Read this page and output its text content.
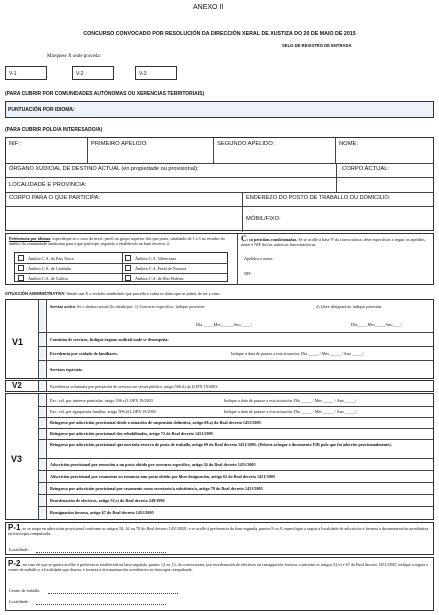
ANEXO II
CONCURSO CONVOCADO POR RESOLUCIÓN DA DIRECCIÓN XERAL DE XUSTIZA DO 20 DE MAIO DE 2015
SELO DE REXISTRO DE ENTRADA
Márquese X onde proceda:
V-1	V-2	V-3
(PARA CUBRIR POR COMUNIDADES AUTÓNOMAS OU XERENCIAS TERRITORIAIS)
PUNTUACIÓN POR IDIOMA:
(PARA CUBRIR POLO/A INTERESADO/A)
NIF:	PRIMEIRO APELIDO:	SEGUNDO APELIDO:	NOME:
ÓRGANO XUDICIAL DE DESTINO ACTUAL (en propiedade ou provisional):	CORPO ACTUAL:
LOCALIDADE E PROVINCIA:
CORPO PARA O QUE PARTICIPA:	ENDEREZO DO POSTO DE TRABALLO OU DOMICILIO:
MÓBIL/FIXO:
Preferencia por idioma: especifique só o caso do nivel, perfil ou grupo superior dos que posta, sinalando de 1 a 3 no recadro do ámbito da comunidade autónoma para a que participe, segundo o establecido na base terceira, 2.
Ámbito C.A. do País Vasco	Ámbito C.A. Valenciana
Ámbito C.A. de Cataluña	Ámbito C.A. Foral de Navarra
Ámbito C.A. de Galicia	Ámbito C.A. de Illes Balears
C: só peticións condicionadas. Se se acolle á base 9ª da convocatoria, debe especificar a seguir os apelidos, nome e NIF dos/as outros/as funcionarios/as:
Apelidos e nome:
NIF:
SITUACIÓN ADMINISTRATIVA: Sinale cun X o recadro sombreado que proceda e cubra os datos que se piden, de ser o caso:
V1
Servizo activo. Se o destino actual (lo obtido por: 1) Concurso específico, indique posesión:	2) Libre designación, indique posesión:
Día _____Mes______Ano_____/	Día_____Mes_____Ano____/
Comisión de servizos. Indique órgano xudicial onde se desempeña:
Excedencia por coidado de familiares.	Indique a data de pasaxe a esta situación: Día _____ / Mes _____ / Ano _____/
Servizos especiais.
V2	Excedencia voluntaria por prestación de servizos no sector público, artigo 506.d) da LOPX 19/2003.
V3
Exc. vol. por interese particular, artigo 506.c) LOPX 19/2003	Indique a data de pasaxe a esta situación: Día _____ / Mes _____ / Ano _____/
Exc. vol. por agrupación familiar, artigo 506.b) LOPX 19/2003	Indique a data de pasaxe a esta situación: Día _____ / Mes _____ / Ano _____/
Reingreso por adscrición provisional desde a situación de suspensión definitiva, artigo 68.a) do Real decreto 1451/2005
Reingreso por adscrición provisional dos rehabilitados, artigo 72 do Real decreto 1451/2005
Reingreso por adscrición provisional que non teña reserva de posto de traballo, artigo 69 do Real decreto 1451/2005. (Deberá achegar o documento FIR polo que foi adscrito provisionalmente).
Adscrición provisional por remoción a un posto obtido por concurso específico, artigo 54 do Real decreto 1451/2005
Adscrición provisional por cesamento ou renuncia nun posto obtido por libre designación, artigo 62 do Real decreto 1451/2005
Reingreso por adscrición provisional por cesamento como secretario/a substituto/a, artigo 70 do Real decreto 1451/2005
Reordenación de efectivos, artigo 52.e) do Real decreto 249/1996
Reasignación forzosa, artigo 67 do Real decreto 1451/2005
P-1: se se atopa en adscrición provisional conforme os artigos 54, 62 ou 70 do Real decreto 1451/2005, e se acolle á preferencia da base segunda, puntos 8 ou 9, especifique a seguir a localidade de adscrición e forneza a documentación acreditativa en fotocopia compulsada:
Localidade:
P-2: no caso de que se queira acoller á preferencia establecida na base segunda, puntos 12 ou 13, da convocatoria, por reordenación de efectivos ou reasignación forzosa, conforme os artigos 52.e) e 67 do Real decreto 1451/2005, indique a seguir o centro de traballo e a localidade que desexa, e forneza a documentación acreditativa en fotocopia compulsada:
Centro de traballo:
Localidade:
